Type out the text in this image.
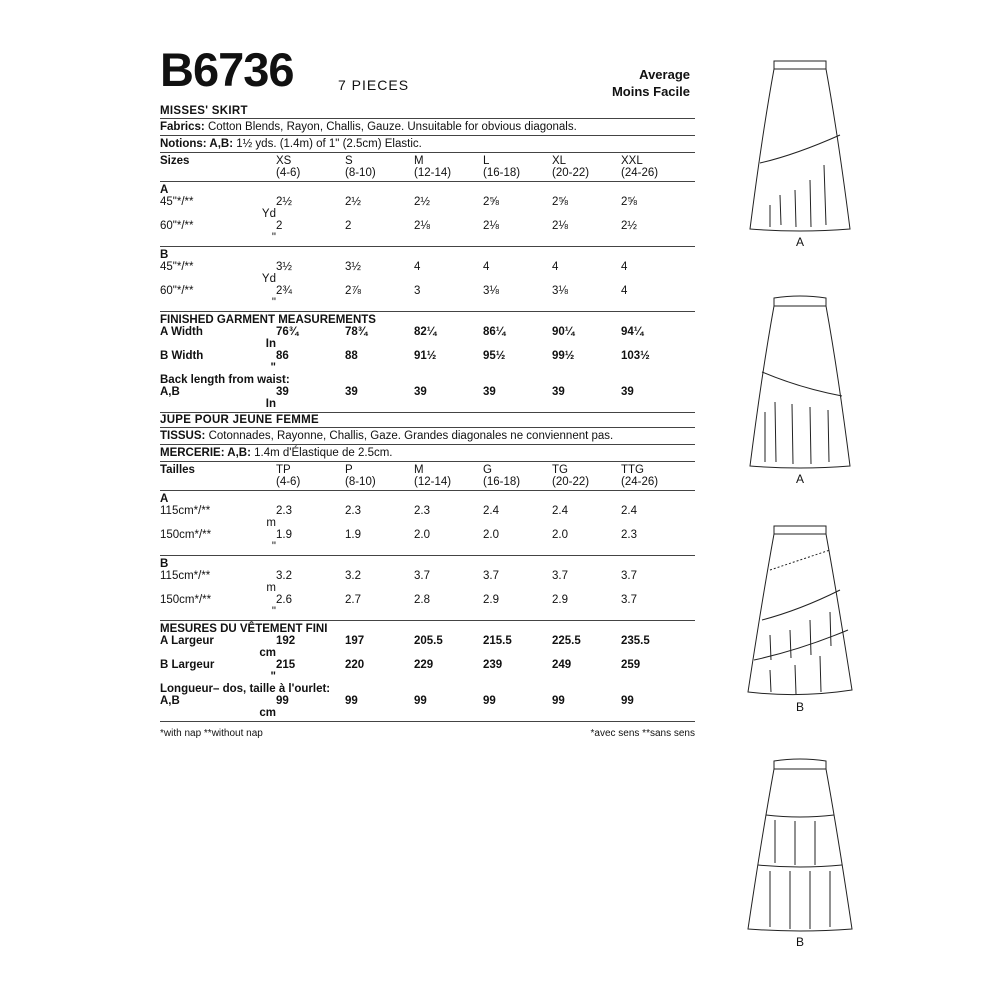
B6736	7 PIECES
Average
Moins Facile
MISSES' SKIRT
Fabrics: Cotton Blends, Rayon, Challis, Gauze. Unsuitable for obvious diagonals.
Notions: A,B: 1½ yds. (1.4m) of 1" (2.5cm) Elastic.
Sizes	XS	S	M	L	XL	XXL
(4-6)	(8-10)	(12-14)	(16-18)	(20-22)	(24-26)
A
45"*/**	2½	2½	2½	2⅝	2⅝	2⅝
Yd
60"*/**	2	2	2⅛	2⅛	2⅛	2½
"
B
45"*/**	3½	3½	4	4	4	4
Yd
60"*/**	2¾	2⅞	3	3⅛	3⅛	4
"
FINISHED GARMENT MEASUREMENTS
A Width	76¾	78¾	82¼	86¼	90¼	94¼
In
B Width	86	88	91½	95½	99½	103½
"
Back length from waist:
A,B	39	39	39	39	39	39
In
JUPE POUR JEUNE FEMME
TISSUS: Cotonnades, Rayonne, Challis, Gaze. Grandes diagonales ne conviennent pas.
MERCERIE: A,B: 1.4m d'Élastique de 2.5cm.
Tailles	TP	P	M	G	TG	TTG
(4-6)	(8-10)	(12-14)	(16-18)	(20-22)	(24-26)
A
115cm*/**	2.3	2.3	2.3	2.4	2.4	2.4
m
150cm*/**	1.9	1.9	2.0	2.0	2.0	2.3
"
B
115cm*/**	3.2	3.2	3.7	3.7	3.7	3.7
m
150cm*/**	2.6	2.7	2.8	2.9	2.9	3.7
"
MESURES DU VÊTEMENT FINI
A Largeur	192	197	205.5	215.5	225.5	235.5
cm
B Largeur	215	220	229	239	249	259
"
Longueur– dos, taille à l'ourlet:
A,B	99	99	99	99	99	99
cm
*with nap **without nap	*avec sens **sans sens
A
A
B
B
